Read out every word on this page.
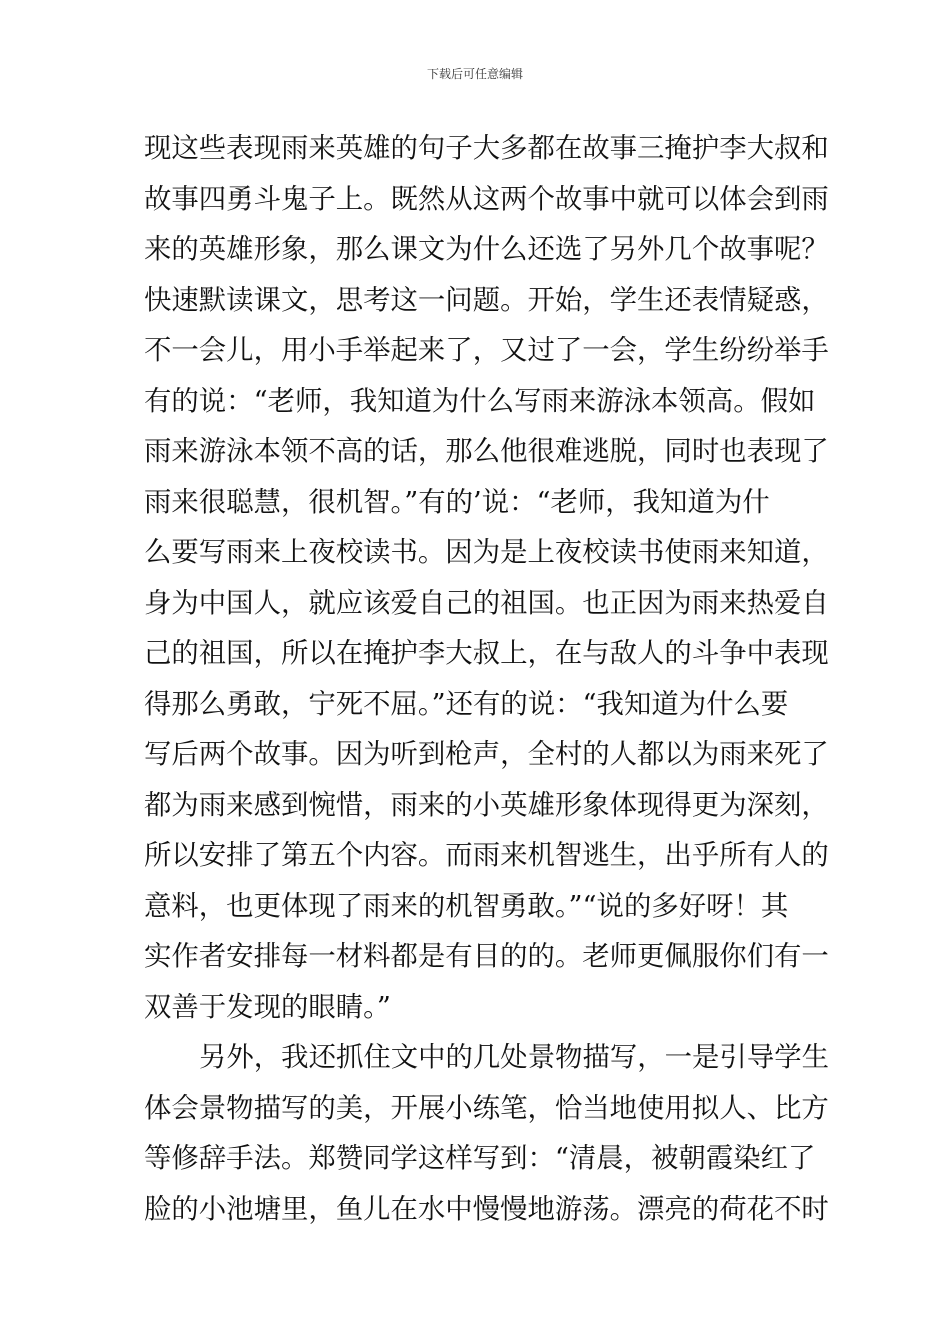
下载后可任意编辑
现这些表现雨来英雄的句子大多都在故事三掩护李大叔和
故事四勇斗鬼子上。既然从这两个故事中就可以体会到雨
来的英雄形象，那么课文为什么还选了另外几个故事呢？
快速默读课文，思考这一问题。开始，学生还表情疑惑，
不一会儿，用小手举起来了，又过了一会，学生纷纷举手
有的说：“老师，我知道为什么写雨来游泳本领高。假如
雨来游泳本领不高的话，那么他很难逃脱，同时也表现了
雨来很聪慧，很机智。”有的’说：“老师，我知道为什
么要写雨来上夜校读书。因为是上夜校读书使雨来知道，
身为中国人，就应该爱自己的祖国。也正因为雨来热爱自
己的祖国，所以在掩护李大叔上，在与敌人的斗争中表现
得那么勇敢，宁死不屈。”还有的说：“我知道为什么要
写后两个故事。因为听到枪声，全村的人都以为雨来死了
都为雨来感到惋惜，雨来的小英雄形象体现得更为深刻，
所以安排了第五个内容。而雨来机智逃生，出乎所有人的
意料，也更体现了雨来的机智勇敢。”“说的多好呀！其
实作者安排每一材料都是有目的的。老师更佩服你们有一
双善于发现的眼睛。”
另外，我还抓住文中的几处景物描写，一是引导学生
体会景物描写的美，开展小练笔，恰当地使用拟人、比方
等修辞手法。郑赞同学这样写到：“清晨，被朝霞染红了
脸的小池塘里，鱼儿在水中慢慢地游荡。漂亮的荷花不时
